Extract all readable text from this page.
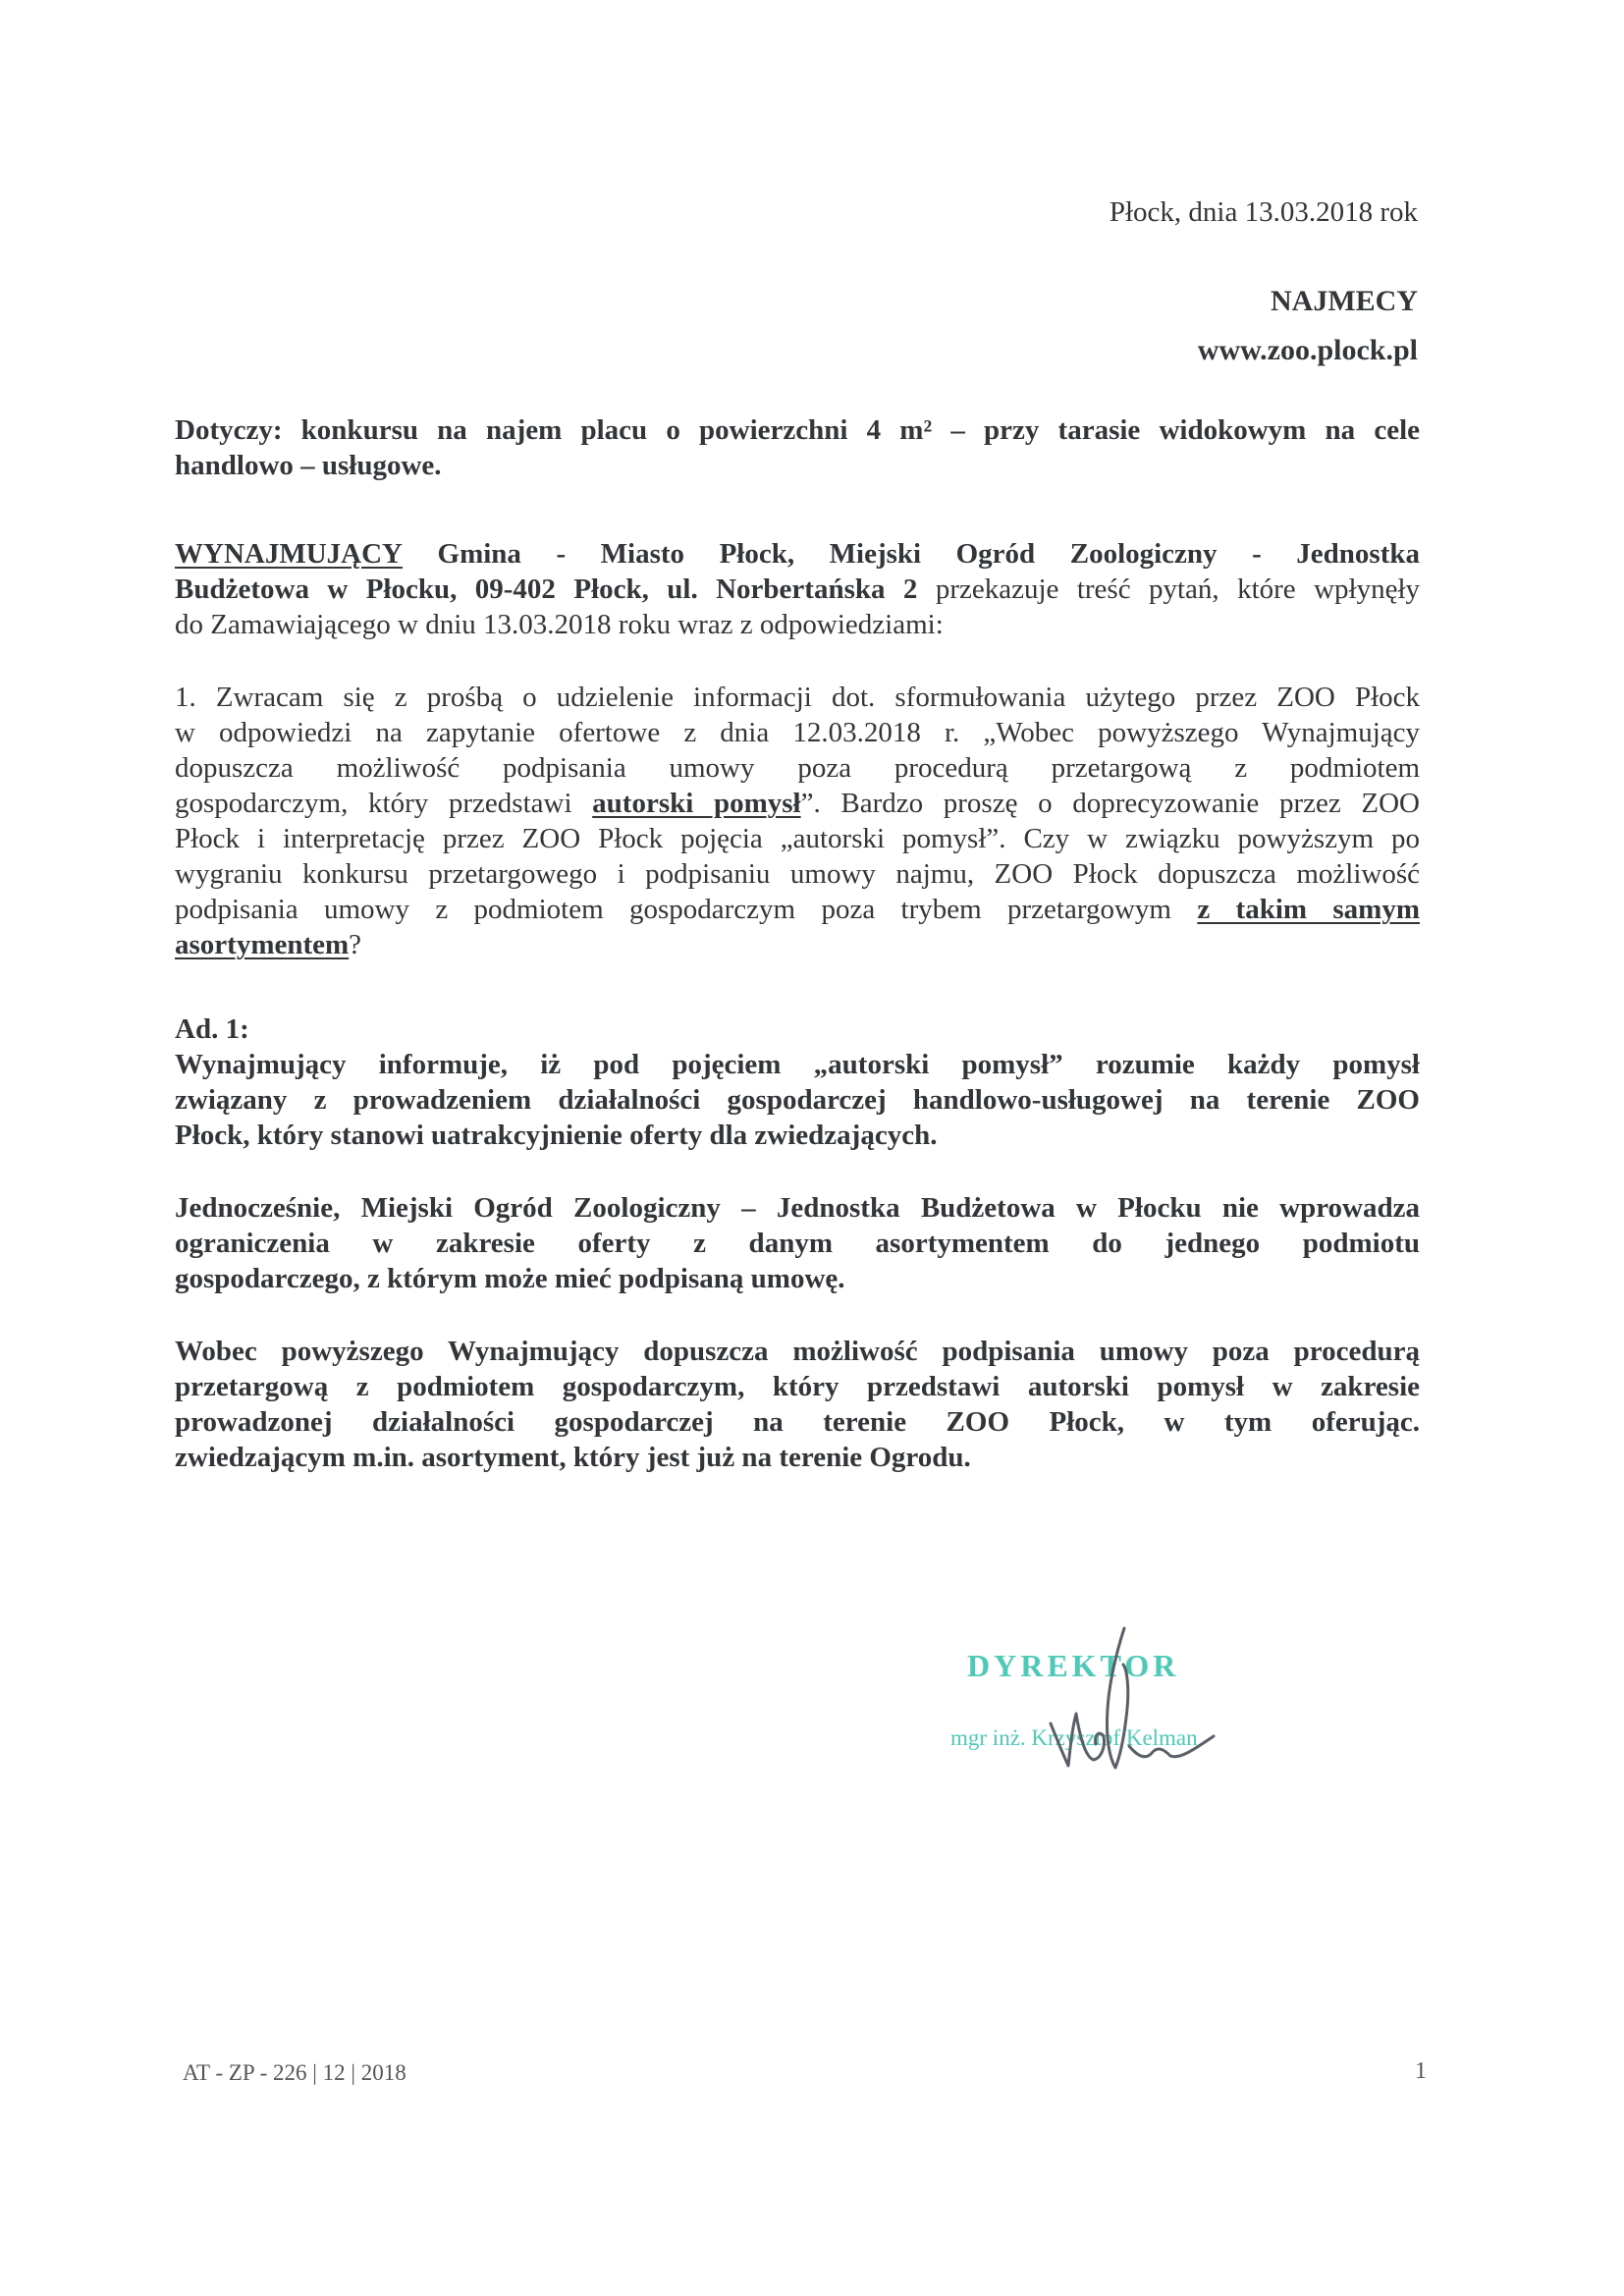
Płock, dnia 13.03.2018 rok
NAJMECY
www.zoo.plock.pl
Dotyczy: konkursu na najem placu o powierzchni 4 m² – przy tarasie widokowym na cele
handlowo – usługowe.
WYNAJMUJĄCY Gmina - Miasto Płock, Miejski Ogród Zoologiczny - Jednostka
Budżetowa w Płocku, 09-402 Płock, ul. Norbertańska 2 przekazuje treść pytań, które wpłynęły
do Zamawiającego w dniu 13.03.2018 roku wraz z odpowiedziami:
1. Zwracam się z prośbą o udzielenie informacji dot. sformułowania użytego przez ZOO Płock
w odpowiedzi na zapytanie ofertowe z dnia 12.03.2018 r. „Wobec powyższego Wynajmujący
dopuszcza możliwość podpisania umowy poza procedurą przetargową z podmiotem
gospodarczym, który przedstawi autorski pomysł”. Bardzo proszę o doprecyzowanie przez ZOO
Płock i interpretację przez ZOO Płock pojęcia „autorski pomysł”. Czy w związku powyższym po
wygraniu konkursu przetargowego i podpisaniu umowy najmu, ZOO Płock dopuszcza możliwość
podpisania umowy z podmiotem gospodarczym poza trybem przetargowym z takim samym
asortymentem?
Ad. 1:
Wynajmujący informuje, iż pod pojęciem „autorski pomysł” rozumie każdy pomysł
związany z prowadzeniem działalności gospodarczej handlowo-usługowej na terenie ZOO
Płock, który stanowi uatrakcyjnienie oferty dla zwiedzających.
Jednocześnie, Miejski Ogród Zoologiczny – Jednostka Budżetowa w Płocku nie wprowadza
ograniczenia w zakresie oferty z danym asortymentem do jednego podmiotu
gospodarczego, z którym może mieć podpisaną umowę.
Wobec powyższego Wynajmujący dopuszcza możliwość podpisania umowy poza procedurą
przetargową z podmiotem gospodarczym, który przedstawi autorski pomysł w zakresie
prowadzonej działalności gospodarczej na terenie ZOO Płock, w tym oferując.
zwiedzającym m.in. asortyment, który jest już na terenie Ogrodu.
DYREKTOR
mgr inż. Krzysztof Kelman
AT - ZP - 226 | 12 | 2018	1
